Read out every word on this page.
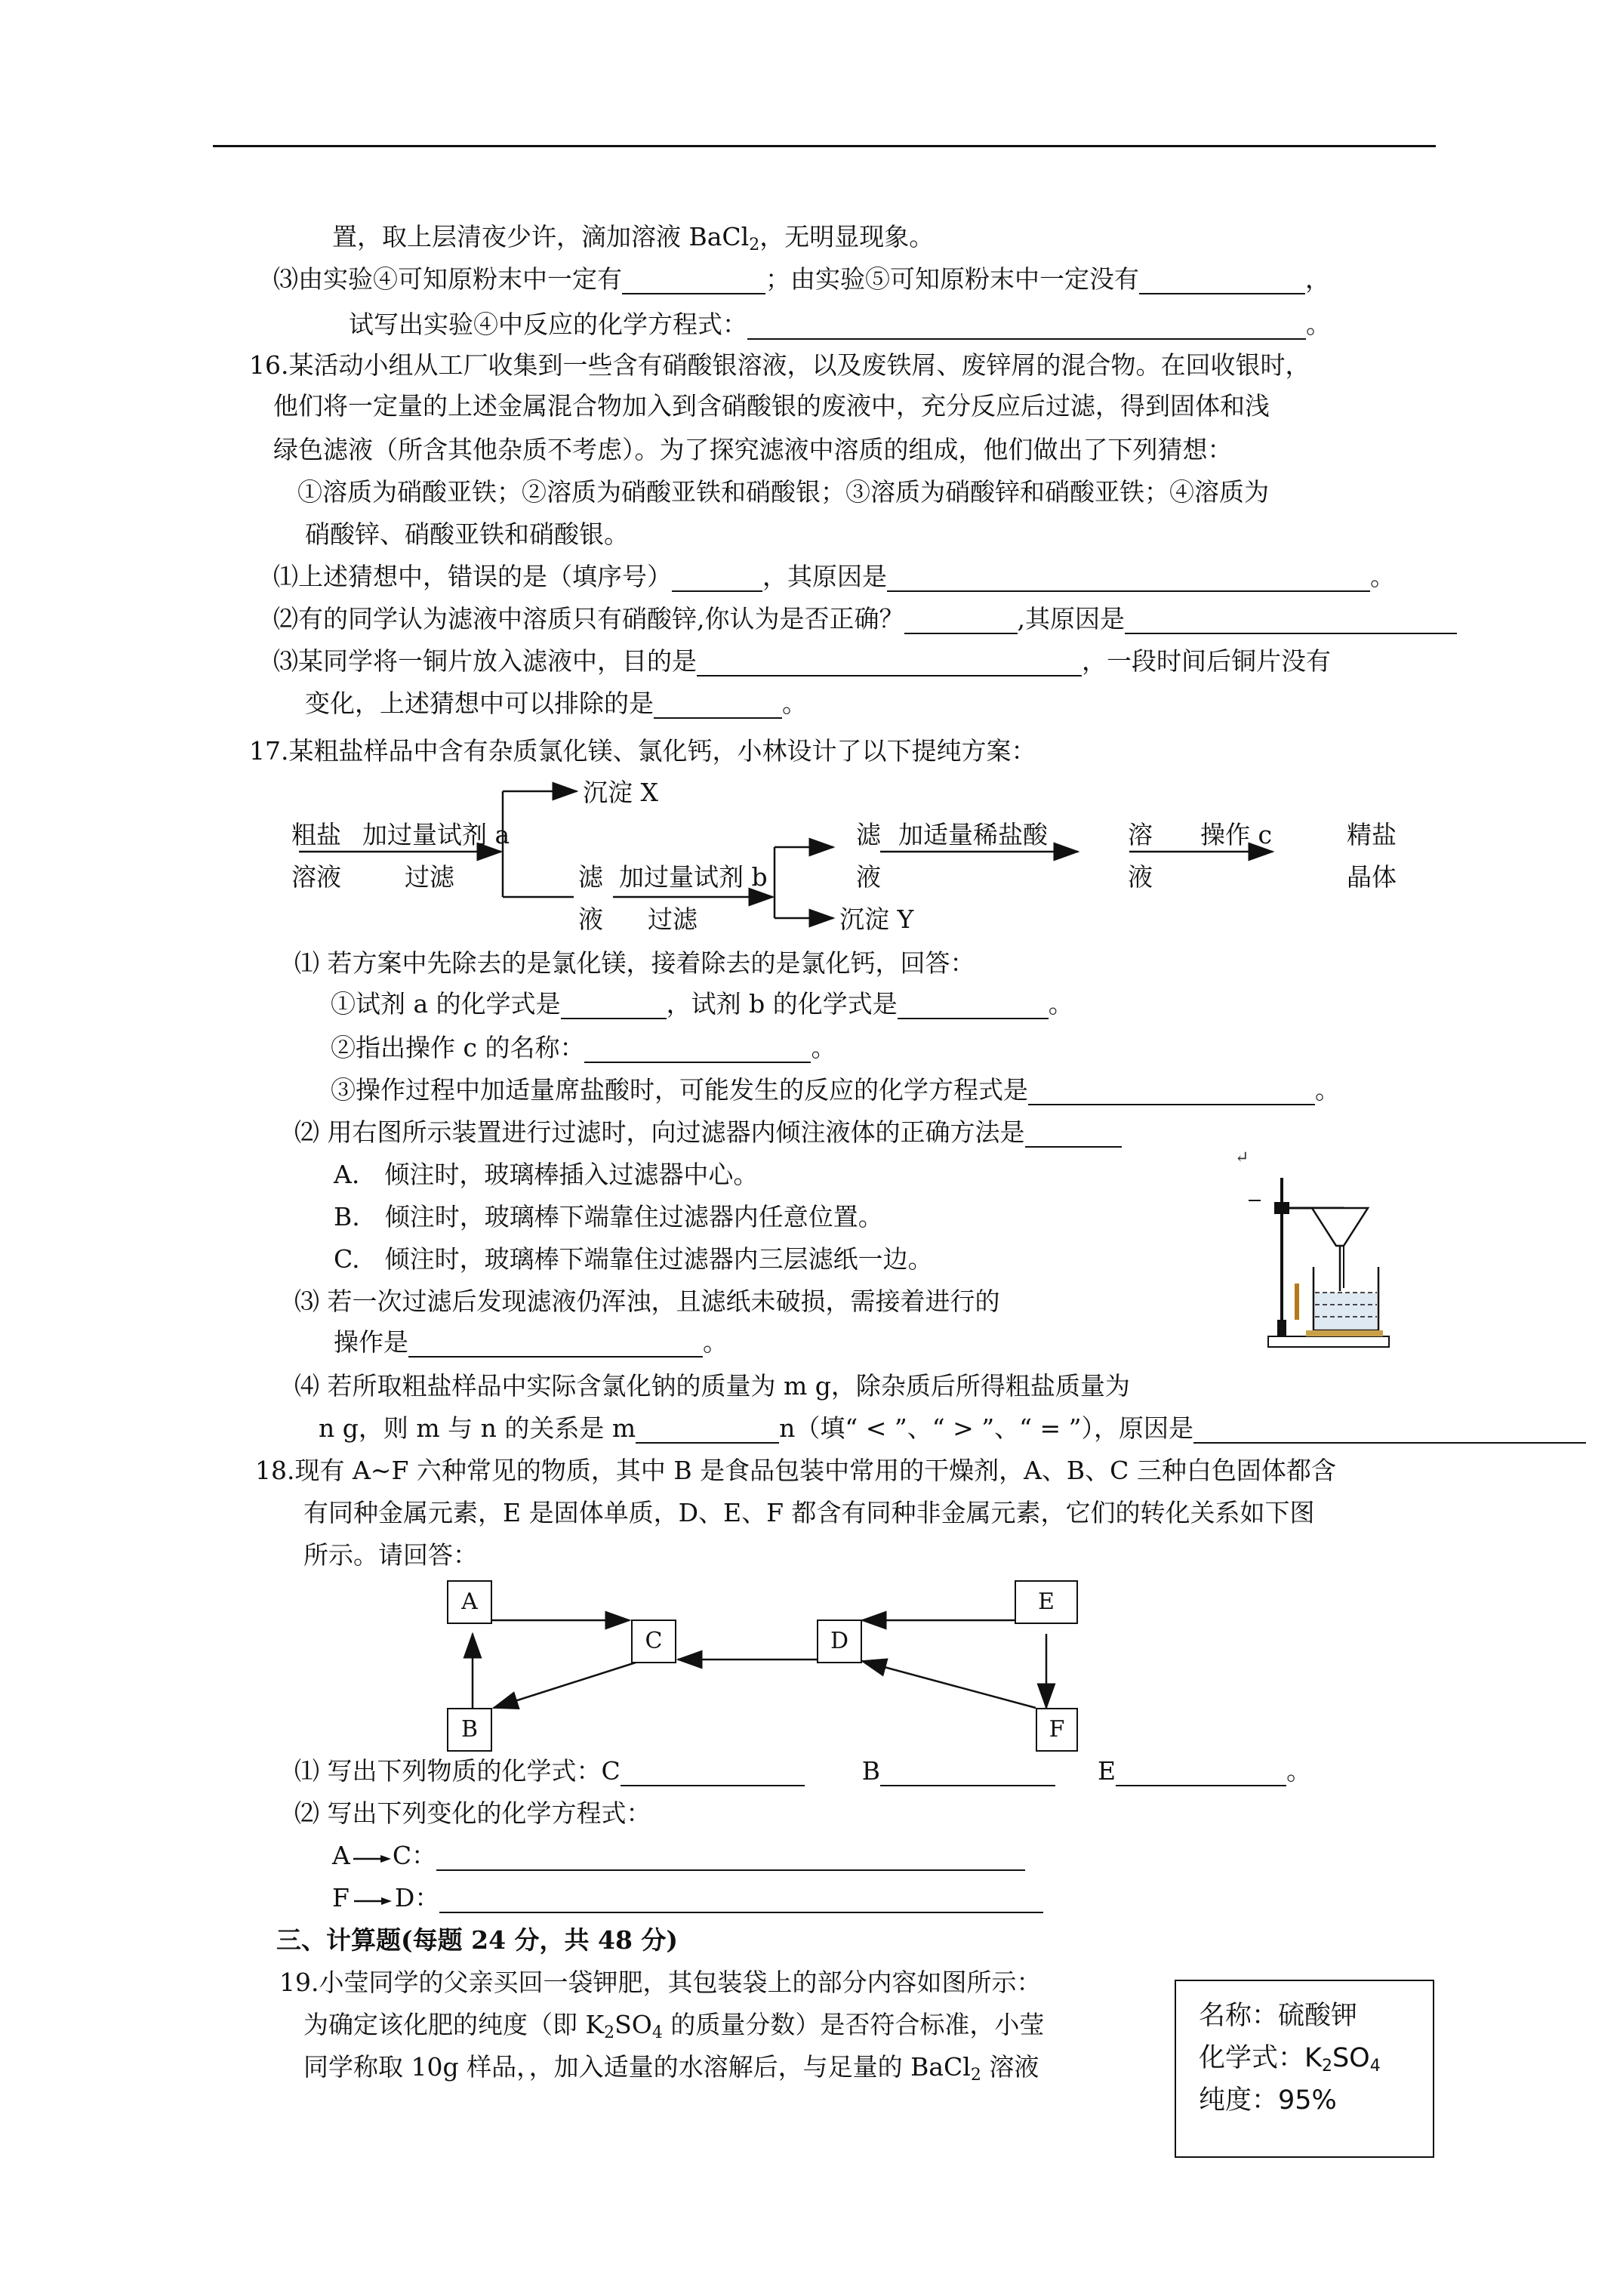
置，取上层清夜少许，滴加溶液 BaCl$_2$，无明显现象。
⑶由实验④可知原粉末中一定有	；由实验⑤可知原粉末中一定没有	，
试写出实验④中反应的化学方程式：	。
16.某活动小组从工厂收集到一些含有硝酸银溶液，以及废铁屑、废锌屑的混合物。在回收银时，
他们将一定量的上述金属混合物加入到含硝酸银的废液中，充分反应后过滤，得到固体和浅
绿色滤液（所含其他杂质不考虑）。为了探究滤液中溶质的组成，他们做出了下列猜想：
①溶质为硝酸亚铁；②溶质为硝酸亚铁和硝酸银；③溶质为硝酸锌和硝酸亚铁；④溶质为
硝酸锌、硝酸亚铁和硝酸银。
⑴上述猜想中，错误的是（填序号）	，其原因是	。
⑵有的同学认为滤液中溶质只有硝酸锌,你认为是否正确？	,其原因是
⑶某同学将一铜片放入滤液中，目的是	，一段时间后铜片没有
变化，上述猜想中可以排除的是	。
17.某粗盐样品中含有杂质氯化镁、氯化钙，小林设计了以下提纯方案：
粗盐
溶液
加过量试剂 a
过滤
沉淀 X
滤
液
加过量试剂 b
过滤
滤
液
沉淀 Y
加适量稀盐酸	溶
液
操作 c	精盐
晶体
⑴ 若方案中先除去的是氯化镁，接着除去的是氯化钙，回答：
①试剂 a 的化学式是	，试剂 b 的化学式是	。
②指出操作 c 的名称：	。
③操作过程中加适量席盐酸时，可能发生的反应的化学方程式是	。
⑵ 用右图所示装置进行过滤时，向过滤器内倾注液体的正确方法是
A.　倾注时，玻璃棒插入过滤器中心。
B.　倾注时，玻璃棒下端靠住过滤器内任意位置。
C.　倾注时，玻璃棒下端靠住过滤器内三层滤纸一边。
⑶ 若一次过滤后发现滤液仍浑浊，且滤纸未破损，需接着进行的
操作是	。
⑷ 若所取粗盐样品中实际含氯化钠的质量为 m g，除杂质后所得粗盐质量为
n g，则 m 与 n 的关系是 m	n（填“ < ”、“ > ”、“ = ”），原因是
↵
18.现有 A~F 六种常见的物质，其中 B 是食品包装中常用的干燥剂，A、B、C 三种白色固体都含
有同种金属元素，E 是固体单质，D、E、F 都含有同种非金属元素，它们的转化关系如下图
所示。请回答：
A
C	D
E
B	F
⑴ 写出下列物质的化学式：C	B	E	。
⑵ 写出下列变化的化学方程式：
A C：
F D：
三、计算题(每题 24 分，共 48 分)
19.小莹同学的父亲买回一袋钾肥，其包装袋上的部分内容如图所示：
为确定该化肥的纯度（即 $K_2SO_4$ 的质量分数）是否符合标准，小莹
同学称取 10g 样品，，加入适量的水溶解后，与足量的 BaCl$_2$ 溶液
名称：硫酸钾
化学式：$K_2SO_4$
纯度：95%
